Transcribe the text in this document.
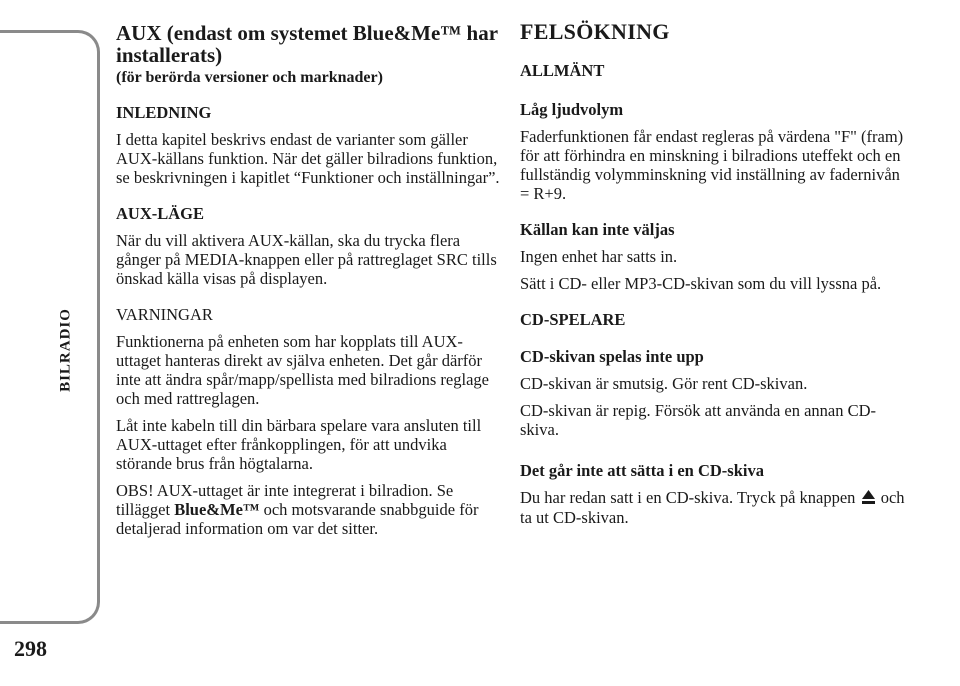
BILRADIO
298
AUX (endast om systemet Blue&Me™ har installerats)
(för berörda versioner och marknader)
INLEDNING

I detta kapitel beskrivs endast de varianter som gäller AUX-källans funktion. När det gäller bilradions funktion, se beskrivningen i kapitlet “Funktioner och inställningar”.

AUX-LÄGE

När du vill aktivera AUX-källan, ska du trycka flera gånger på MEDIA-knappen eller på rattreglaget SRC tills önskad källa visas på displayen.

VARNINGAR

Funktionerna på enheten som har kopplats till AUX-uttaget hanteras direkt av själva enheten. Det går därför inte att ändra spår/mapp/spellista med bilradions reglage och med rattreglagen.

Låt inte kabeln till din bärbara spelare vara ansluten till AUX-uttaget efter frånkopplingen, för att undvika störande brus från högtalarna.

OBS! AUX-uttaget är inte integrerat i bilradion. Se tillägget Blue&Me™ och motsvarande snabbguide för detaljerad information om var det sitter.

FELSÖKNING
ALLMÄNT
Låg ljudvolym

Faderfunktionen får endast regleras på värdena "F" (fram) för att förhindra en minskning i bilradions uteffekt och en fullständig volymminskning vid inställning av fadernivån = R+9.

Källan kan inte väljas

Ingen enhet har satts in.

Sätt i CD- eller MP3-CD-skivan som du vill lyssna på.

CD-SPELARE
CD-skivan spelas inte upp

CD-skivan är smutsig. Gör rent CD-skivan.

CD-skivan är repig. Försök att använda en annan CD-skiva.

Det går inte att sätta i en CD-skiva

Du har redan satt i en CD-skiva. Tryck på knappen  och ta ut CD-skivan.
